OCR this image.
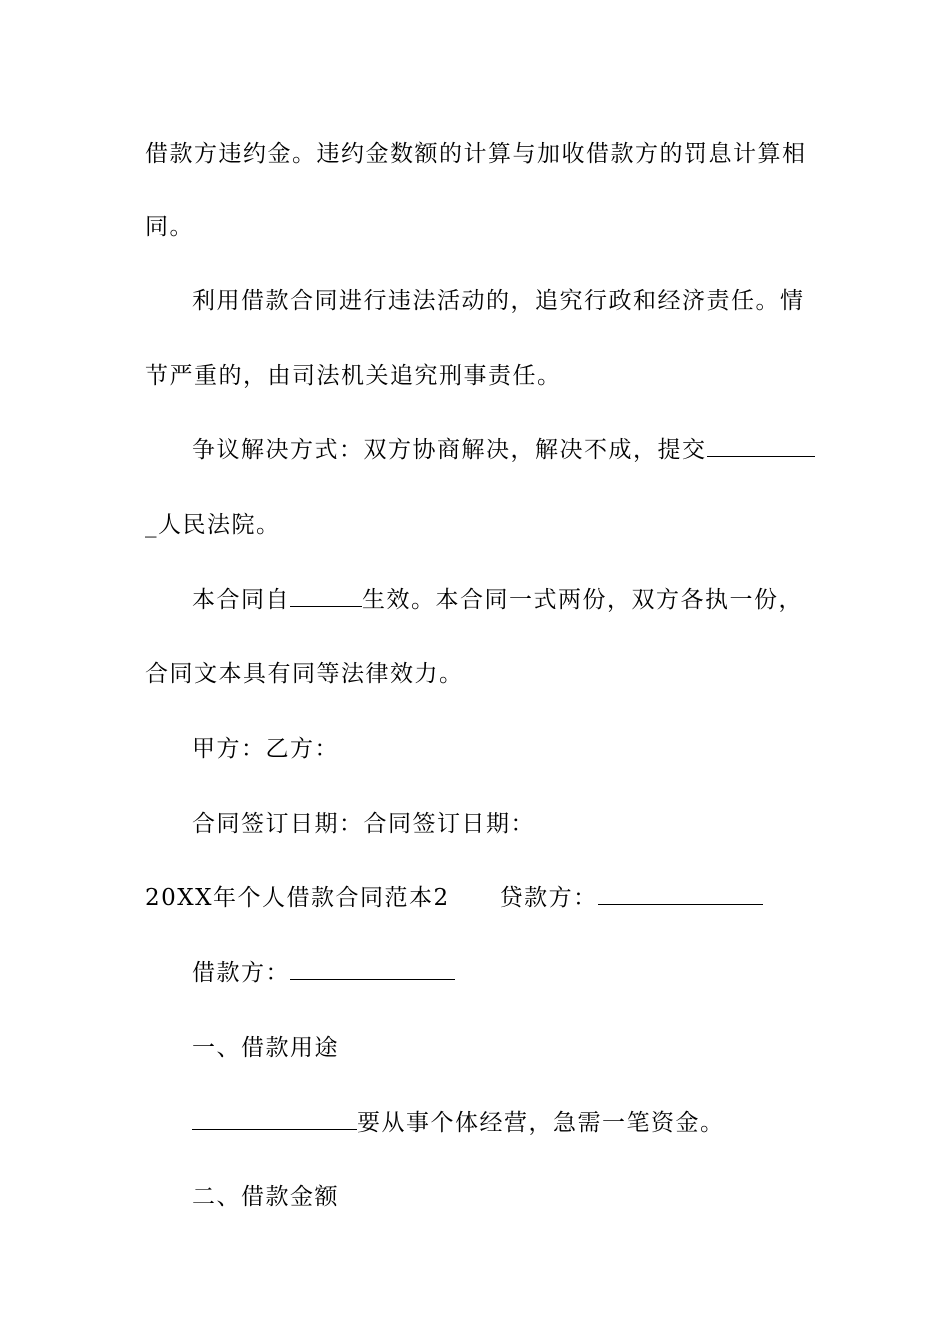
借款方违约金。违约金数额的计算与加收借款方的罚息计算相
同。
利用借款合同进行违法活动的，追究行政和经济责任。情
节严重的，由司法机关追究刑事责任。
争议解决方式：双方协商解决，解决不成，提交
_人民法院。
本合同自	生效。本合同一式两份，双方各执一份，
合同文本具有同等法律效力。
甲方：乙方：
合同签订日期：合同签订日期：
20XX年个人借款合同范本2 贷款方：
借款方：
一、借款用途
要从事个体经营，急需一笔资金。
二、借款金额
